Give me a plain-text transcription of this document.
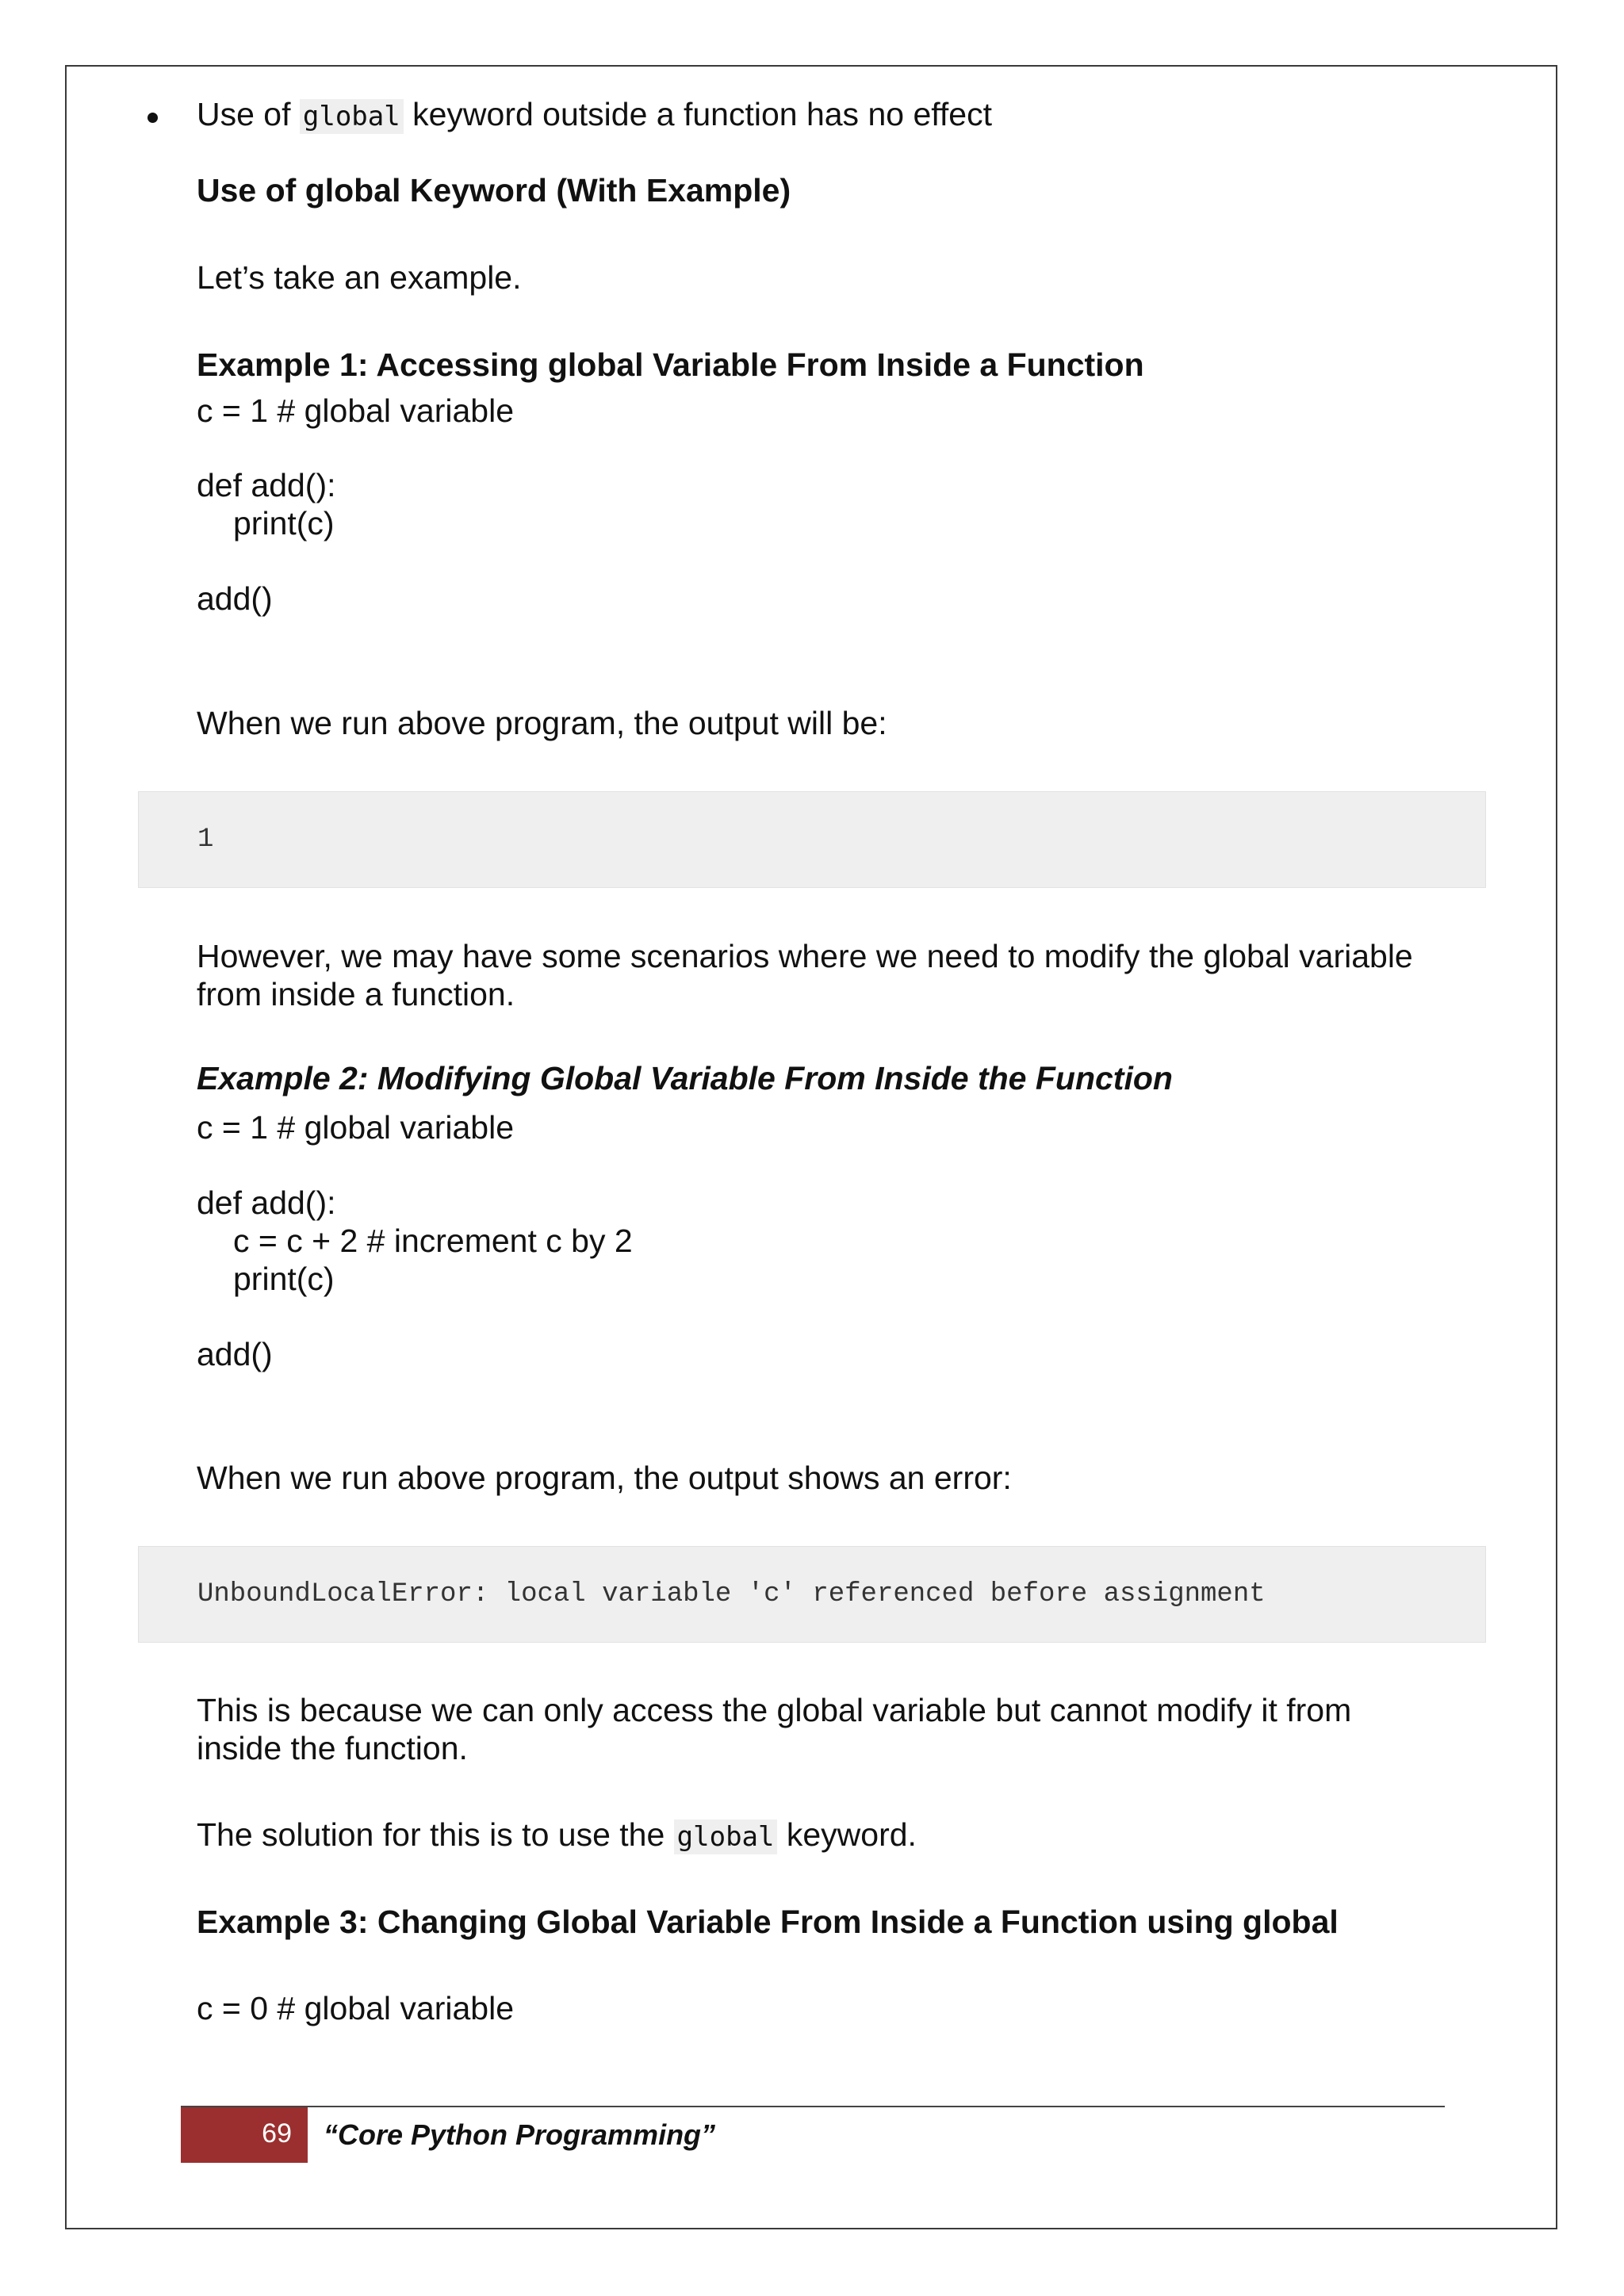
Use of global keyword outside a function has no effect

Use of global Keyword (With Example)

Let’s take an example.

Example 1: Accessing global Variable From Inside a Function

c = 1 # global variable

def add():

print(c)

add()

When we run above program, the output will be:

1

However, we may have some scenarios where we need to modify the global variable

from inside a function.

Example 2: Modifying Global Variable From Inside the Function

c = 1 # global variable

def add():

c = c + 2 # increment c by 2

print(c)

add()

When we run above program, the output shows an error:

UnboundLocalError: local variable 'c' referenced before assignment

This is because we can only access the global variable but cannot modify it from

inside the function.

The solution for this is to use the global keyword.

Example 3: Changing Global Variable From Inside a Function using global

c = 0 # global variable

69 “Core Python Programming”
